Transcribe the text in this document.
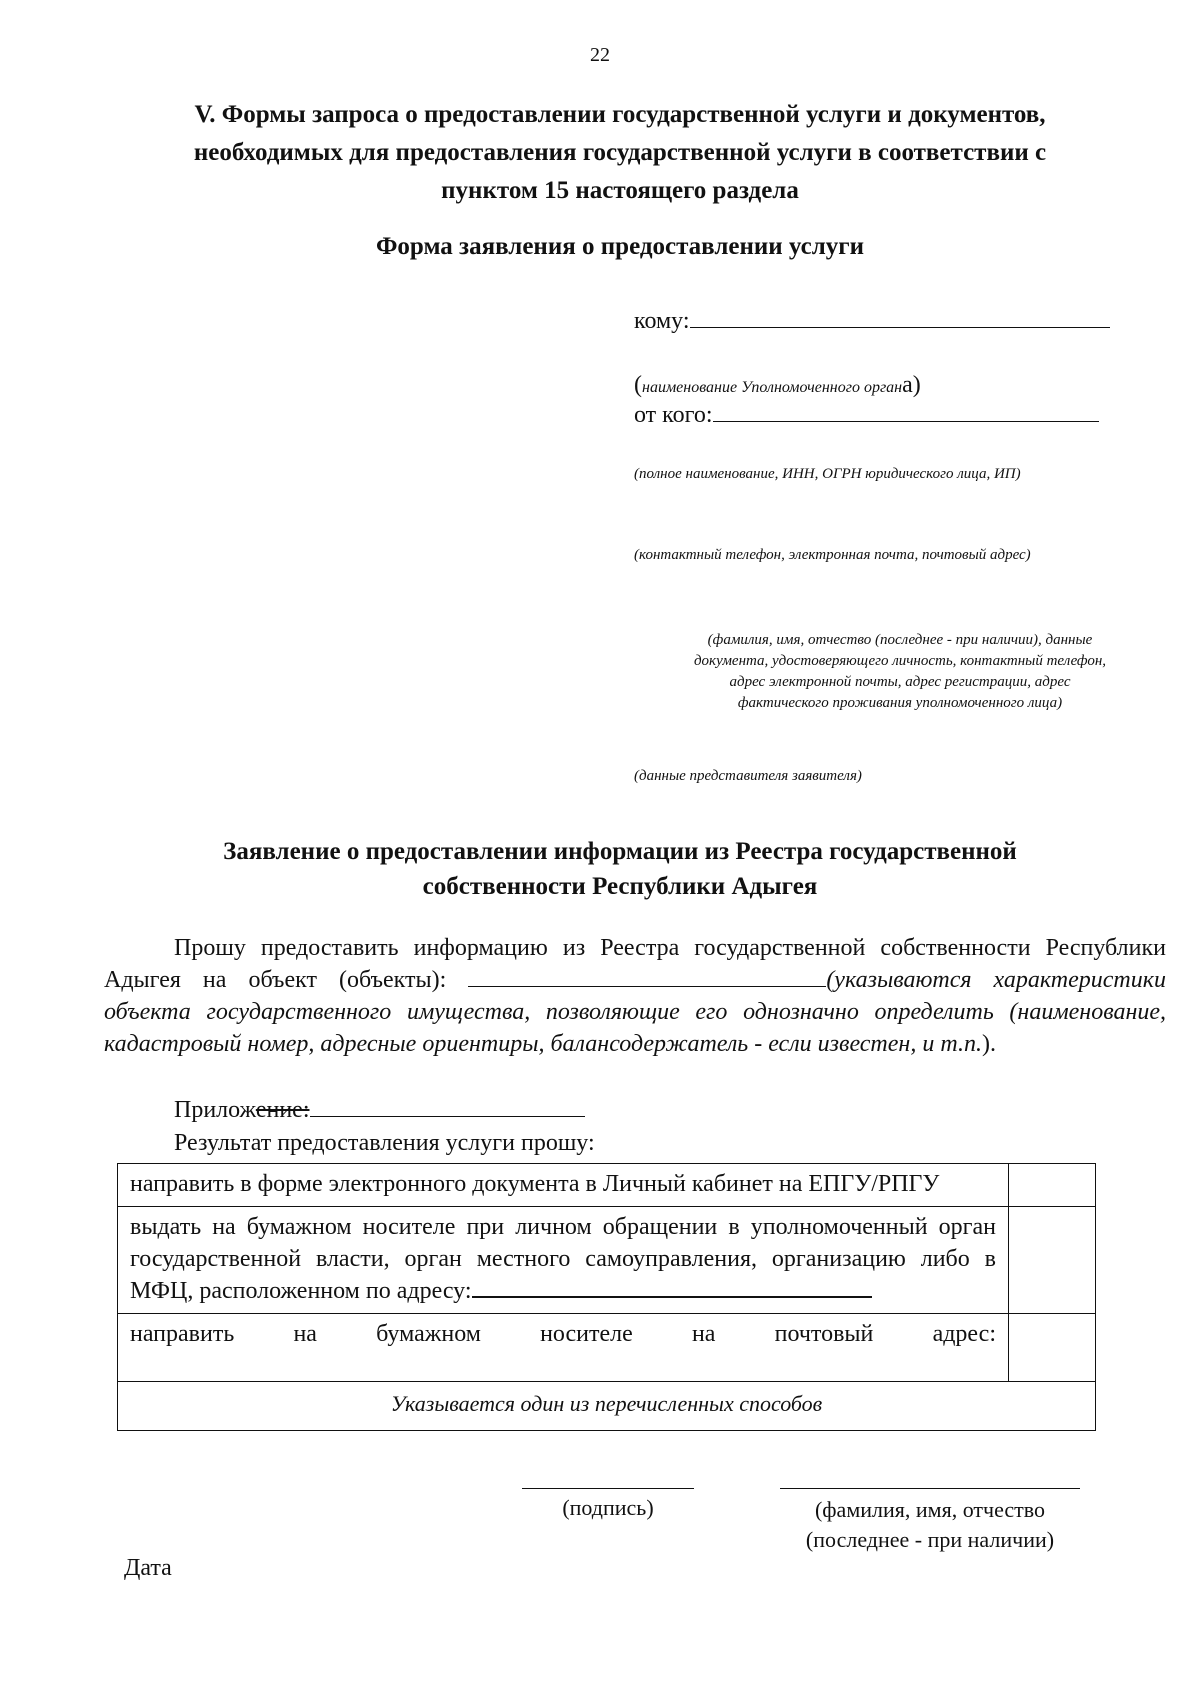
22
V. Формы запроса о предоставлении государственной услуги и документов,
необходимых для предоставления государственной услуги в соответствии с
пунктом 15 настоящего раздела
Форма заявления о предоставлении услуги
кому:
(наименование Уполномоченного органа)
от кого:
(полное наименование, ИНН, ОГРН юридического лица, ИП)
(контактный телефон, электронная почта, почтовый адрес)
(фамилия, имя, отчество (последнее - при наличии), данные
документа, удостоверяющего личность, контактный телефон,
адрес электронной почты, адрес регистрации, адрес
фактического проживания уполномоченного лица)
(данные представителя заявителя)
Заявление о предоставлении информации из Реестра государственной
собственности Республики Адыгея
Прошу предоставить информацию из Реестра государственной собственности Республики Адыгея на объект (объекты):	(указываются характеристики объекта государственного имущества, позволяющие его однозначно определить (наименование, кадастровый номер, адресные ориентиры, балансодержатель - если известен, и т.п.).
Приложение:
Результат предоставления услуги прошу:
направить в форме электронного документа в Личный кабинет на ЕПГУ/РПГУ	
выдать на бумажном носителе при личном обращении в уполномоченный орган государственной власти, орган местного самоуправления, организацию либо в МФЦ, расположенном по адресу:	
направить на бумажном носителе на почтовый адрес:	
Указывается один из перечисленных способов	
(подпись)	(фамилия, имя, отчество
(последнее - при наличии)
Дата
